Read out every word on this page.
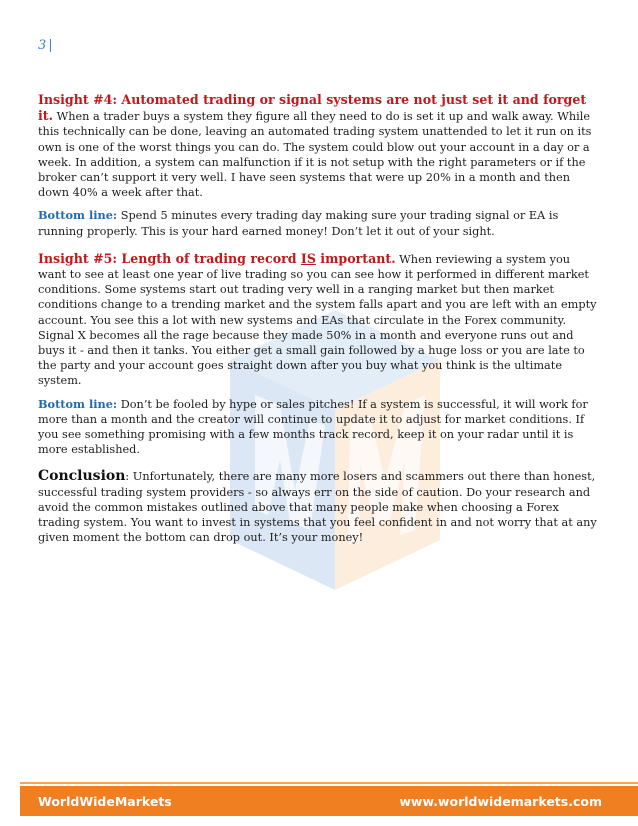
3 |

Insight #4: Automated trading or signal systems are not just set it and forget it. When a trader buys a system they figure all they need to do is set it up and walk away. While this technically can be done, leaving an automated trading system unattended to let it run on its own is one of the worst things you can do. The system could blow out your account in a day or a week. In addition, a system can malfunction if it is not setup with the right parameters or if the broker can’t support it very well. I have seen systems that were up 20% in a month and then down 40% a week after that.

Bottom line: Spend 5 minutes every trading day making sure your trading signal or EA is running properly. This is your hard earned money! Don’t let it out of your sight.

Insight #5: Length of trading record IS important. When reviewing a system you want to see at least one year of live trading so you can see how it performed in different market conditions. Some systems start out trading very well in a ranging market but then market conditions change to a trending market and the system falls apart and you are left with an empty account. You see this a lot with new systems and EAs that circulate in the Forex community. Signal X becomes all the rage because they made 50% in a month and everyone runs out and buys it - and then it tanks. You either get a small gain followed by a huge loss or you are late to the party and your account goes straight down after you buy what you think is the ultimate system.

Bottom line: Don’t be fooled by hype or sales pitches! If a system is successful, it will work for more than a month and the creator will continue to update it to adjust for market conditions. If you see something promising with a few months track record, keep it on your radar until it is more established.

Conclusion: Unfortunately, there are many more losers and scammers out there than honest, successful trading system providers - so always err on the side of caution. Do your research and avoid the common mistakes outlined above that many people make when choosing a Forex trading system. You want to invest in systems that you feel confident in and not worry that at any given moment the bottom can drop out. It’s your money!

WorldWideMarkets	www.worldwidemarkets.com
